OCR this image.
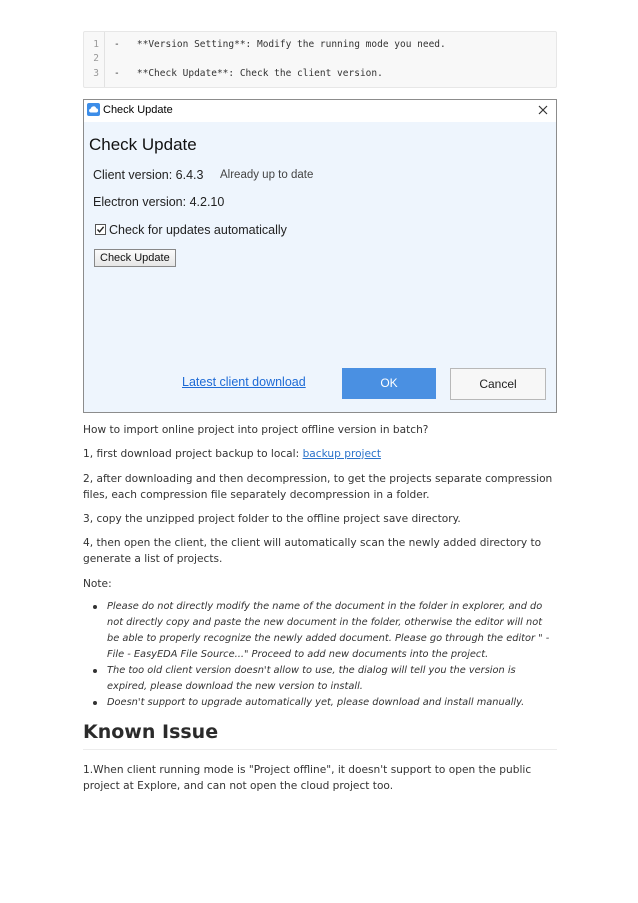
1 -   **Version Setting**: Modify the running mode you need.
2
3 -   **Check Update**: Check the client version.
Check Update
Check Update
Client version: 6.4.3 Already up to date
Electron version: 4.2.10
Check for updates automatically
Check Update
Latest client download	OK	Cancel
How to import online project into project offline version in batch?
1, first download project backup to local: backup project
2, after downloading and then decompression, to get the projects separate compression files, each compression file separately decompression in a folder.
3, copy the unzipped project folder to the offline project save directory.
4, then open the client, the client will automatically scan the newly added directory to generate a list of projects.
Note:
Please do not directly modify the name of the document in the folder in explorer, and do not directly copy and paste the new document in the folder, otherwise the editor will not be able to properly recognize the newly added document. Please go through the editor " - File - EasyEDA File Source..." Proceed to add new documents into the project.
The too old client version doesn't allow to use, the dialog will tell you the version is expired, please download the new version to install.
Doesn't support to upgrade automatically yet, please download and install manually.
Known Issue
1.When client running mode is "Project offline", it doesn't support to open the public project at Explore, and can not open the cloud project too.
